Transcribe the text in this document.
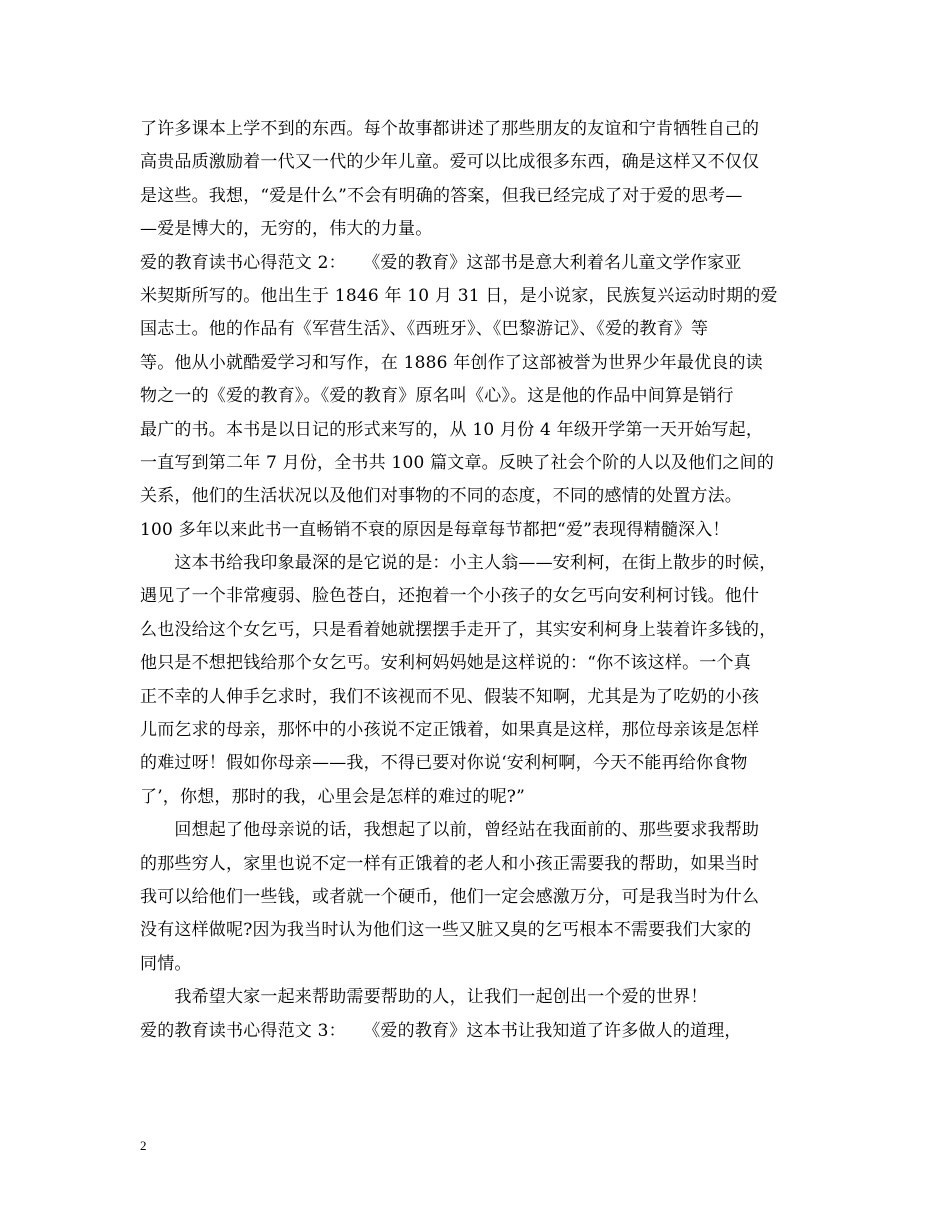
了许多课本上学不到的东西。每个故事都讲述了那些朋友的友谊和宁肯牺牲自己的
高贵品质激励着一代又一代的少年儿童。爱可以比成很多东西，确是这样又不仅仅
是这些。我想，“爱是什么”不会有明确的答案，但我已经完成了对于爱的思考—
—爱是博大的，无穷的，伟大的力量。
爱的教育读书心得范文 2：　　《爱的教育》这部书是意大利着名儿童文学作家亚
米契斯所写的。他出生于 1846 年 10 月 31 日，是小说家，民族复兴运动时期的爱
国志士。他的作品有《军营生活》、《西班牙》、《巴黎游记》、《爱的教育》等
等。他从小就酷爱学习和写作，在 1886 年创作了这部被誉为世界少年最优良的读
物之一的《爱的教育》。《爱的教育》原名叫《心》。这是他的作品中间算是销行
最广的书。本书是以日记的形式来写的，从 10 月份 4 年级开学第一天开始写起，
一直写到第二年 7 月份，全书共 100 篇文章。反映了社会个阶的人以及他们之间的
关系，他们的生活状况以及他们对事物的不同的态度，不同的感情的处置方法。
100 多年以来此书一直畅销不衰的原因是每章每节都把“爱”表现得精髓深入！
　　这本书给我印象最深的是它说的是：小主人翁——安利柯，在街上散步的时候，
遇见了一个非常瘦弱、脸色苍白，还抱着一个小孩子的女乞丐向安利柯讨钱。他什
么也没给这个女乞丐，只是看着她就摆摆手走开了，其实安利柯身上装着许多钱的，
他只是不想把钱给那个女乞丐。安利柯妈妈她是这样说的：“你不该这样。一个真
正不幸的人伸手乞求时，我们不该视而不见、假装不知啊，尤其是为了吃奶的小孩
儿而乞求的母亲，那怀中的小孩说不定正饿着，如果真是这样，那位母亲该是怎样
的难过呀！假如你母亲——我，不得已要对你说‘安利柯啊，今天不能再给你食物
了’，你想，那时的我，心里会是怎样的难过的呢?”
　　回想起了他母亲说的话，我想起了以前，曾经站在我面前的、那些要求我帮助
的那些穷人，家里也说不定一样有正饿着的老人和小孩正需要我的帮助，如果当时
我可以给他们一些钱，或者就一个硬币，他们一定会感激万分，可是我当时为什么
没有这样做呢?因为我当时认为他们这一些又脏又臭的乞丐根本不需要我们大家的
同情。
　　我希望大家一起来帮助需要帮助的人，让我们一起创出一个爱的世界！
爱的教育读书心得范文 3：　　《爱的教育》这本书让我知道了许多做人的道理，
2
